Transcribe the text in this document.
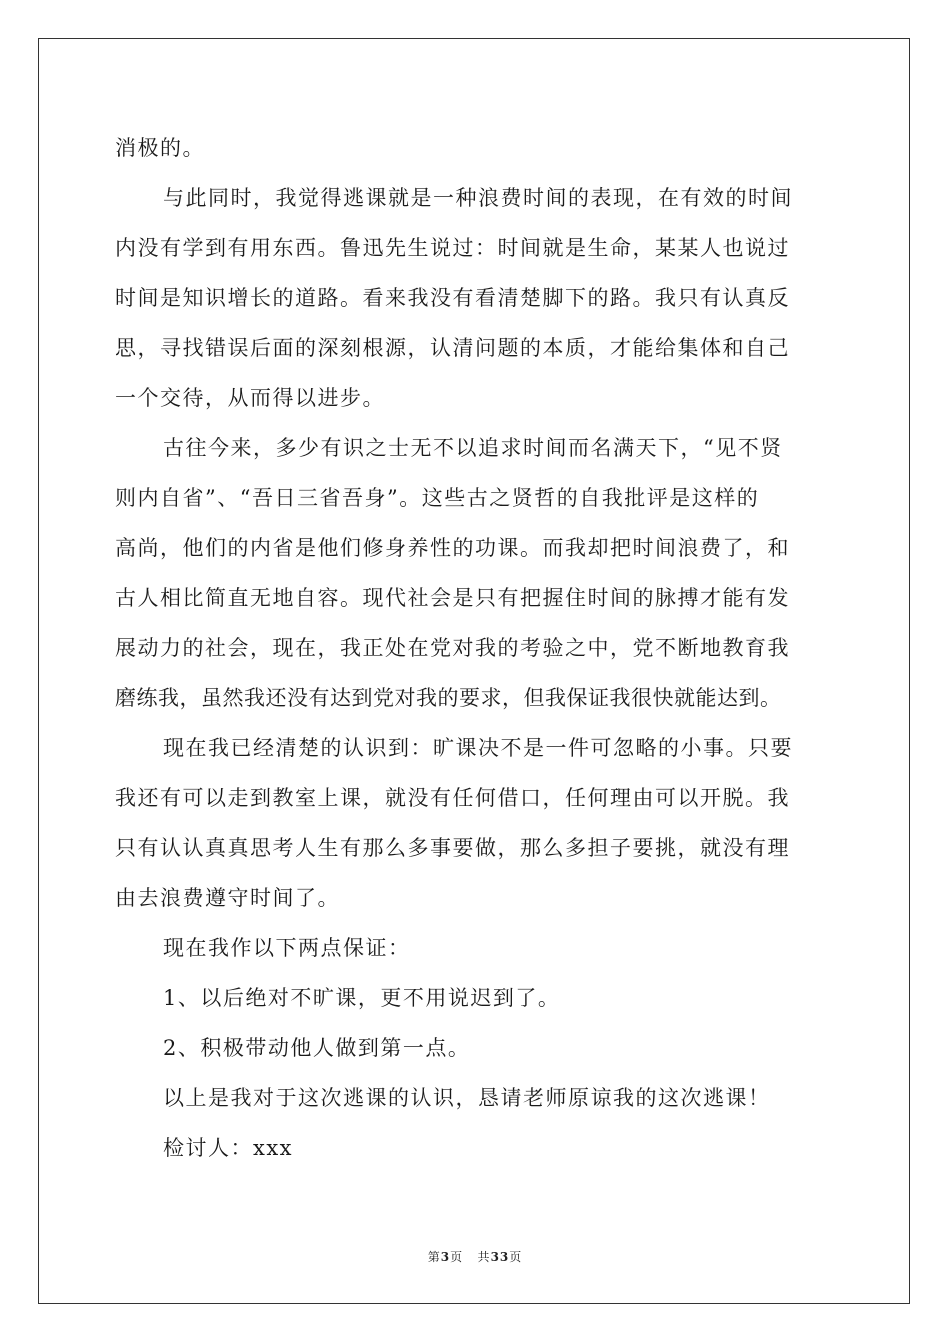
消极的。
与此同时，我觉得逃课就是一种浪费时间的表现，在有效的时间
内没有学到有用东西。鲁迅先生说过：时间就是生命，某某人也说过
时间是知识增长的道路。看来我没有看清楚脚下的路。我只有认真反
思，寻找错误后面的深刻根源，认清问题的本质，才能给集体和自己
一个交待，从而得以进步。
古往今来，多少有识之士无不以追求时间而名满天下，“见不贤
则内自省”、“吾日三省吾身”。这些古之贤哲的自我批评是这样的
高尚，他们的内省是他们修身养性的功课。而我却把时间浪费了，和
古人相比简直无地自容。现代社会是只有把握住时间的脉搏才能有发
展动力的社会，现在，我正处在党对我的考验之中，党不断地教育我
磨练我，虽然我还没有达到党对我的要求，但我保证我很快就能达到。
现在我已经清楚的认识到：旷课决不是一件可忽略的小事。只要
我还有可以走到教室上课，就没有任何借口，任何理由可以开脱。我
只有认认真真思考人生有那么多事要做，那么多担子要挑，就没有理
由去浪费遵守时间了。
现在我作以下两点保证：
1、以后绝对不旷课，更不用说迟到了。
2、积极带动他人做到第一点。
以上是我对于这次逃课的认识，恳请老师原谅我的这次逃课！
检讨人：xxx
第3页 共33页
